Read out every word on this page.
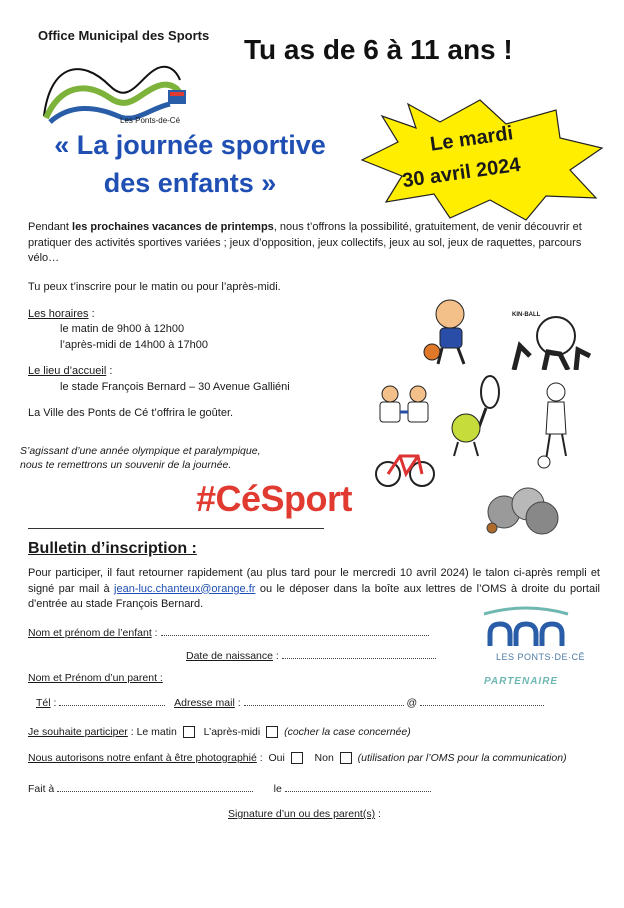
Office Municipal des Sports
Les Ponts-de-Cé
Tu as de 6 à 11 ans !
« La journée sportive
des enfants »
Le mardi
30 avril 2024
Pendant les prochaines vacances de printemps, nous t’offrons la possibilité, gratuitement, de venir découvrir et pratiquer des activités sportives variées ; jeux d’opposition, jeux collectifs, jeux au sol, jeux de raquettes, parcours vélo…
Tu peux t’inscrire pour le matin ou pour l’après-midi.
Les horaires :
le matin de 9h00 à 12h00
l’après-midi de 14h00 à 17h00
Le lieu d’accueil :
le stade François Bernard – 30 Avenue Galliéni
La Ville des Ponts de Cé t’offrira le goûter.
S’agissant d’une année olympique et paralympique,
nous te remettrons un souvenir de la journée.
KIN-BALL
#CéSport
Bulletin d’inscription :
Pour participer, il faut retourner rapidement (au plus tard pour le mercredi 10 avril 2024) le talon ci-après rempli et signé par mail à jean-luc.chanteux@orange.fr ou le déposer dans la boîte aux lettres de l’OMS à droite du portail d'entrée au stade François Bernard.
Nom et prénom de l’enfant :
Date de naissance :
Nom et Prénom d’un parent :
Tél :	Adresse mail :	@
Je souhaite participer : Le matin	L’après-midi (cocher la case concernée)
Nous autorisons notre enfant à être photographié : Oui	Non (utilisation par l’OMS pour la communication)
Fait à	le
Signature d’un ou des parent(s) :
LES PONTS·DE·CÊ
PARTENAIRE
